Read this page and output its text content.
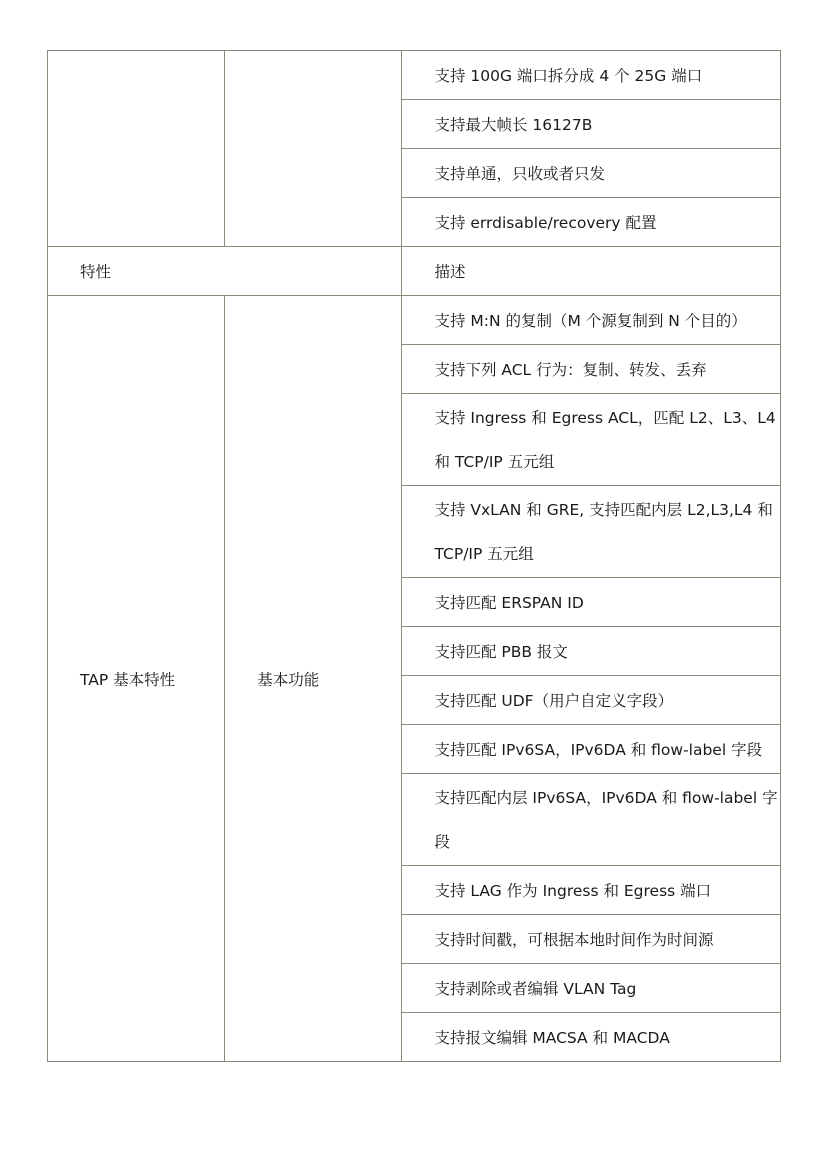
		支持 100G 端口拆分成 4 个 25G 端口
		支持最大帧长 16127B
		支持单通，只收或者只发
		支持 errdisable/recovery 配置
特性		描述
TAP 基本特性	基本功能	支持 M:N 的复制（M 个源复制到 N 个目的）
		支持下列 ACL 行为：复制、转发、丢弃
		支持 Ingress 和 Egress ACL，匹配 L2、L3、L4 和 TCP/IP 五元组
		支持 VxLAN 和 GRE, 支持匹配内层 L2,L3,L4 和 TCP/IP 五元组
		支持匹配 ERSPAN ID
		支持匹配 PBB 报文
		支持匹配 UDF（用户自定义字段）
		支持匹配 IPv6SA，IPv6DA 和 flow-label 字段
		支持匹配内层 IPv6SA，IPv6DA 和 flow-label 字段
		支持 LAG 作为 Ingress 和 Egress 端口
		支持时间戳，可根据本地时间作为时间源
		支持剥除或者编辑 VLAN Tag
		支持报文编辑 MACSA 和 MACDA
